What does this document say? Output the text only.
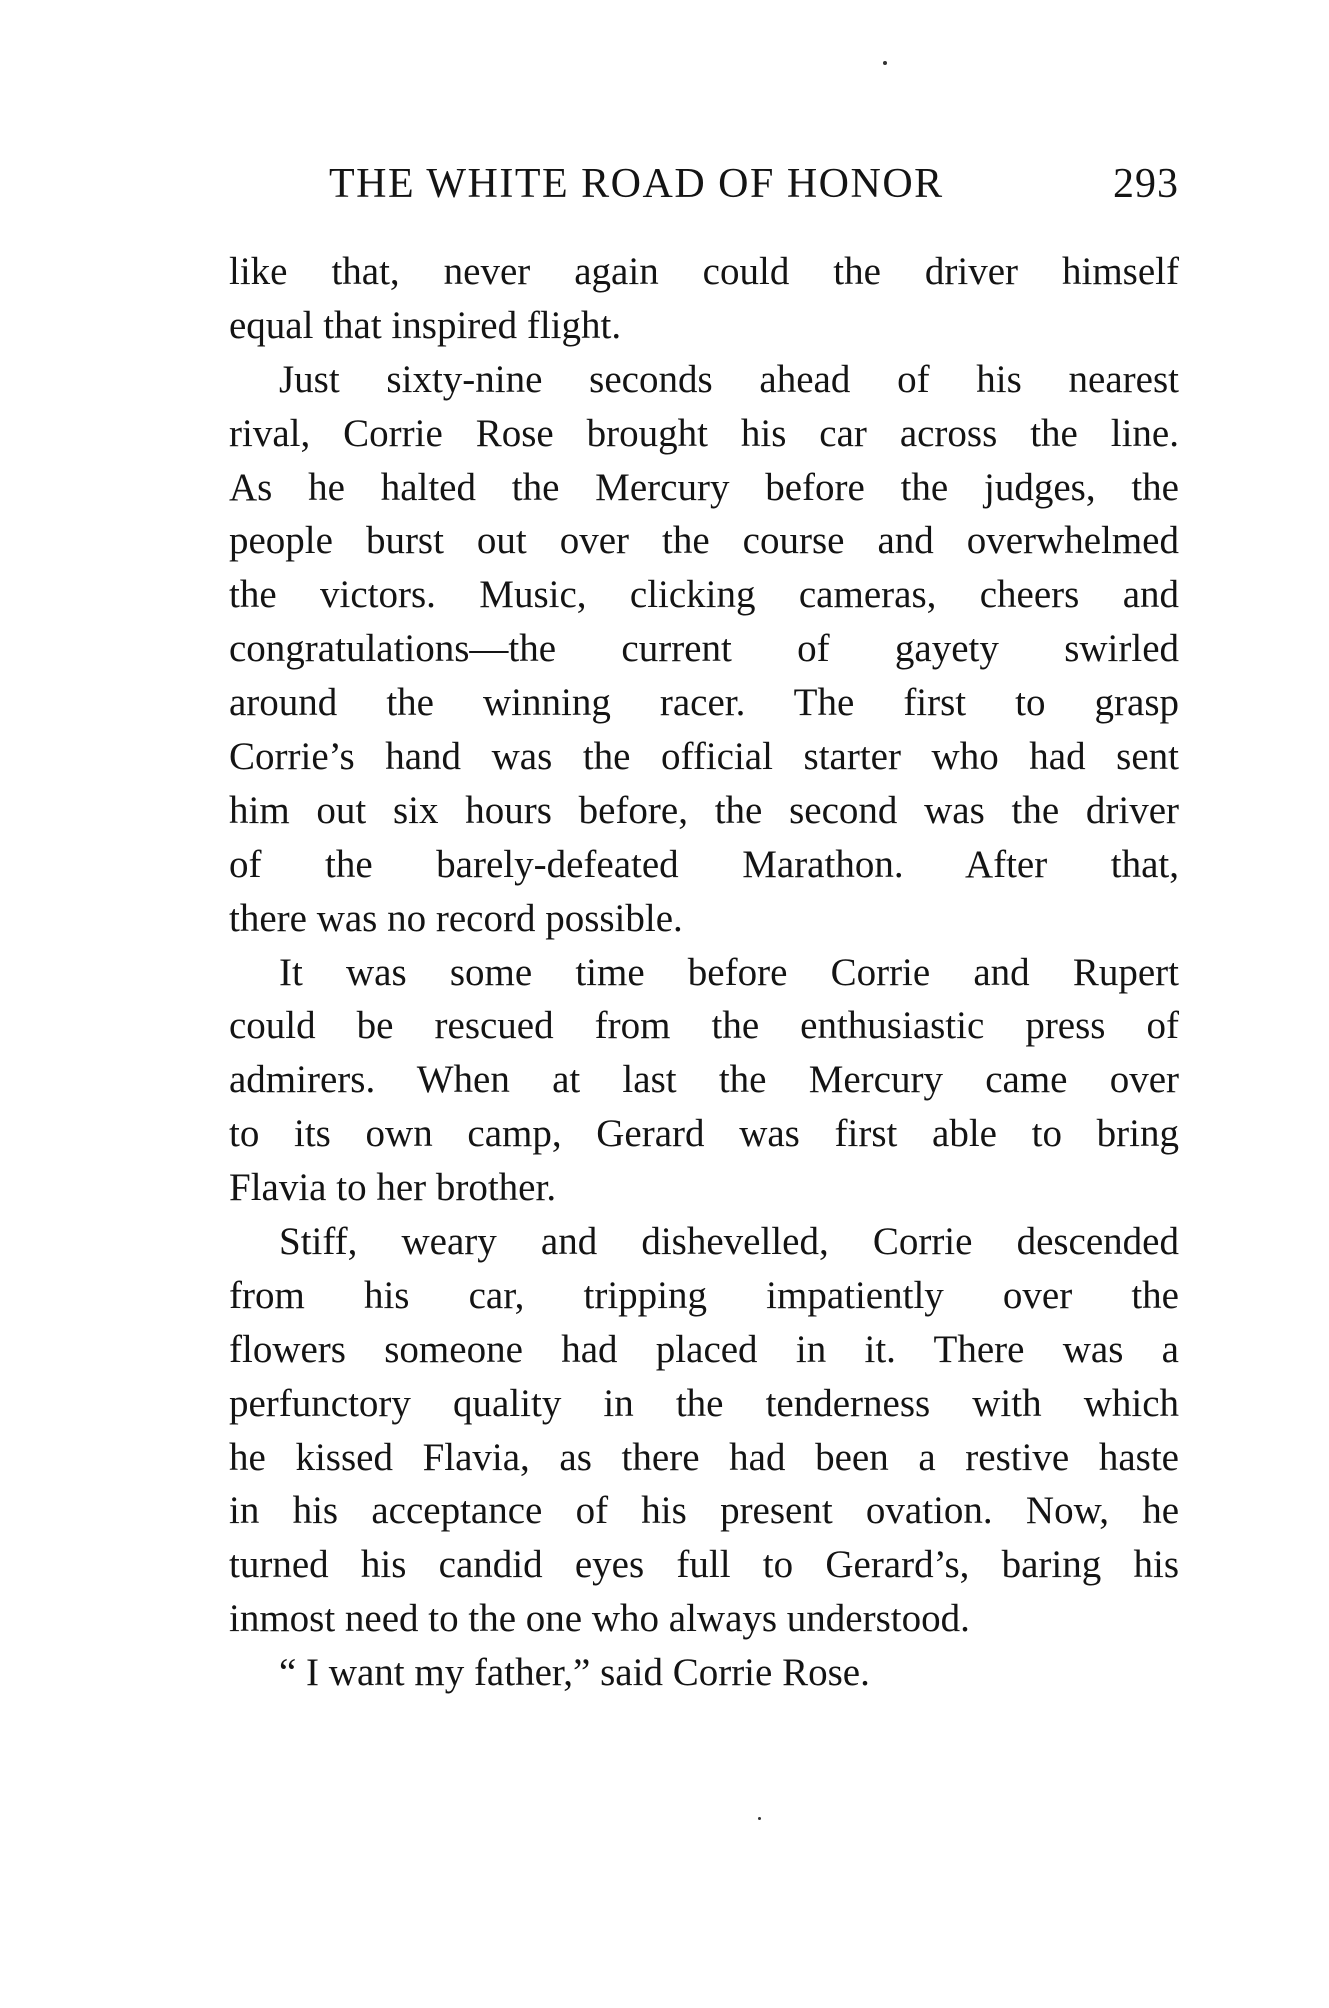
THE WHITE ROAD OF HONOR	293

like that, never again could the driver himself
equal that inspired flight.

Just sixty-nine seconds ahead of his nearest
rival, Corrie Rose brought his car across the line.
As he halted the Mercury before the judges, the
people burst out over the course and overwhelmed
the victors. Music, clicking cameras, cheers and
congratulations—the current of gayety swirled
around the winning racer. The first to grasp
Corrie’s hand was the official starter who had sent
him out six hours before, the second was the driver
of the barely-defeated Marathon. After that,
there was no record possible.

It was some time before Corrie and Rupert
could be rescued from the enthusiastic press of
admirers. When at last the Mercury came over
to its own camp, Gerard was first able to bring
Flavia to her brother.

Stiff, weary and dishevelled, Corrie descended
from his car, tripping impatiently over the
flowers someone had placed in it. There was a
perfunctory quality in the tenderness with which
he kissed Flavia, as there had been a restive haste
in his acceptance of his present ovation. Now, he
turned his candid eyes full to Gerard’s, baring his
inmost need to the one who always understood.

“ I want my father,” said Corrie Rose.
